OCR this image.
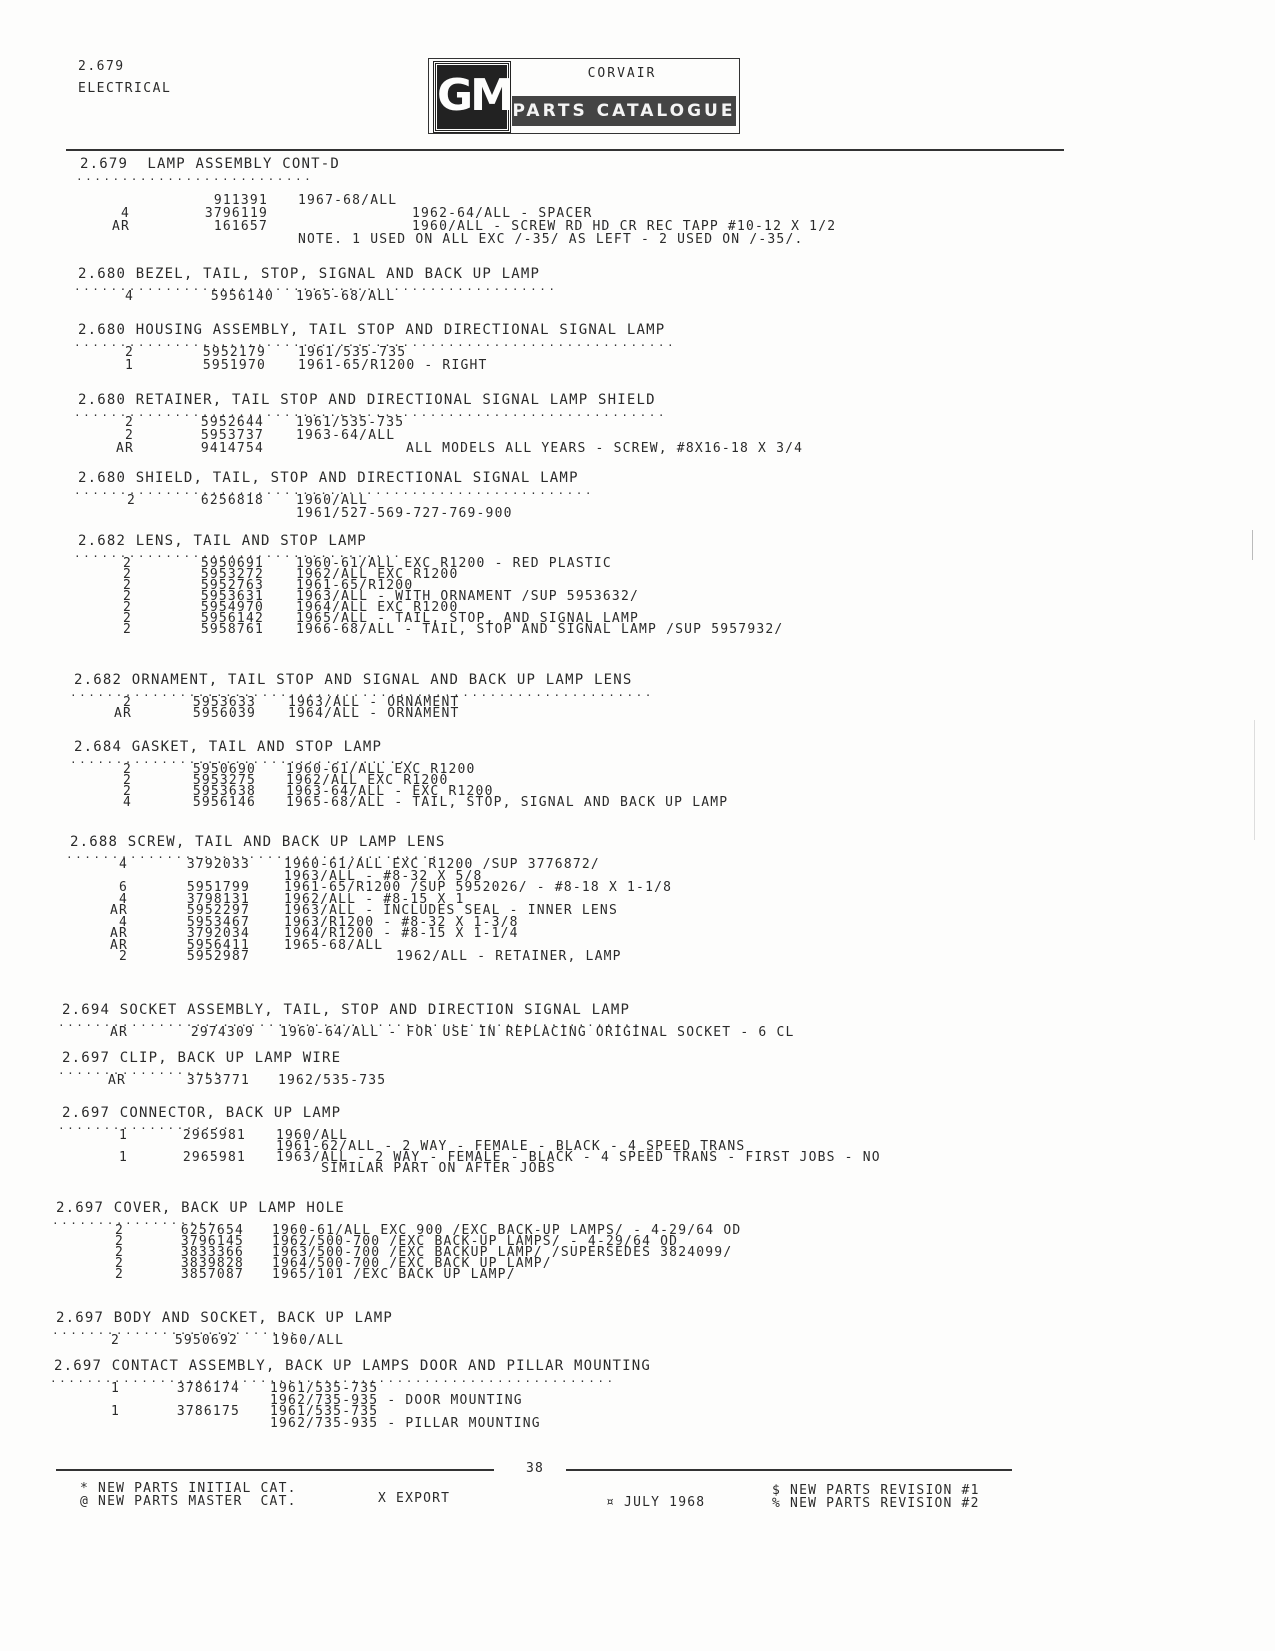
2.679
ELECTRICAL	GM	CORVAIR
PARTS CATALOGUE
2.679  LAMP ASSEMBLY CONT-D
..........................
911391 1967-68/ALL
4	3796119	1962-64/ALL - SPACER
AR	161657	1960/ALL - SCREW RD HD CR REC TAPP #10-12 X 1/2
NOTE. 1 USED ON ALL EXC /-35/ AS LEFT - 2 USED ON /-35/.
2.680 BEZEL, TAIL, STOP, SIGNAL AND BACK UP LAMP
.....................................................
4	5956140 1965-68/ALL
2.680 HOUSING ASSEMBLY, TAIL STOP AND DIRECTIONAL SIGNAL LAMP
..................................................................
2	5952179 1961/535-735
1	5951970 1961-65/R1200 - RIGHT
2.680 RETAINER, TAIL STOP AND DIRECTIONAL SIGNAL LAMP SHIELD
.................................................................
2	5952644 1961/535-735
2	5953737 1963-64/ALL
AR	9414754	ALL MODELS ALL YEARS - SCREW, #8X16-18 X 3/4
2.680 SHIELD, TAIL, STOP AND DIRECTIONAL SIGNAL LAMP
.........................................................
2	6256818 1960/ALL
1961/527-569-727-769-900
2.682 LENS, TAIL AND STOP LAMP
....................................
2	5950691 1960-61/ALL EXC R1200 - RED PLASTIC
2	5953272 1962/ALL EXC R1200
2	5952763 1961-65/R1200
2	5953631 1963/ALL - WITH ORNAMENT /SUP 5953632/
2	5954970 1964/ALL EXC R1200
2	5956142 1965/ALL - TAIL, STOP, AND SIGNAL LAMP
2	5958761 1966-68/ALL - TAIL, STOP AND SIGNAL LAMP /SUP 5957932/
2.682 ORNAMENT, TAIL STOP AND SIGNAL AND BACK UP LAMP LENS
................................................................
2	5953633 1963/ALL - ORNAMENT
AR	5956039 1964/ALL - ORNAMENT
2.684 GASKET, TAIL AND STOP LAMP
......................................
2	5950690 1960-61/ALL EXC R1200
2	5953275 1962/ALL EXC R1200
2	5953638 1963-64/ALL - EXC R1200
4	5956146 1965-68/ALL - TAIL, STOP, SIGNAL AND BACK UP LAMP
2.688 SCREW, TAIL AND BACK UP LAMP LENS
.........................................
4	3792033	1960-61/ALL EXC R1200 /SUP 3776872/
1963/ALL - #8-32 X 5/8
6	5951799	1961-65/R1200 /SUP 5952026/ - #8-18 X 1-1/8
4	3798131	1962/ALL - #8-15 X 1
AR	5952297	1963/ALL - INCLUDES SEAL - INNER LENS
4	5953467	1963/R1200 - #8-32 X 1-3/8
AR	3792034	1964/R1200 - #8-15 X 1-1/4
AR	5956411	1965-68/ALL
2	5952987	1962/ALL - RETAINER, LAMP
2.694 SOCKET ASSEMBLY, TAIL, STOP AND DIRECTION SIGNAL LAMP
................................................................
AR	2974309 1960-64/ALL - FOR USE IN REPLACING ORIGINAL SOCKET - 6 CL
2.697 CLIP, BACK UP LAMP WIRE
..................
AR	3753771 1962/535-735
2.697 CONNECTOR, BACK UP LAMP
...................
1	2965981 1960/ALL
1961-62/ALL - 2 WAY - FEMALE - BLACK - 4 SPEED TRANS
1	2965981 1963/ALL - 2 WAY - FEMALE - BLACK - 4 SPEED TRANS - FIRST JOBS - NO
SIMILAR PART ON AFTER JOBS
2.697 COVER, BACK UP LAMP HOLE
..................
2	6257654 1960-61/ALL EXC 900 /EXC BACK-UP LAMPS/ - 4-29/64 OD
2	3796145 1962/500-700 /EXC BACK-UP LAMPS/ - 4-29/64 OD
2	3833366 1963/500-700 /EXC BACKUP LAMP/ /SUPERSEDES 3824099/
2	3839828 1964/500-700 /EXC BACK UP LAMP/
2	3857087 1965/101 /EXC BACK UP LAMP/
2.697 BODY AND SOCKET, BACK UP LAMP
...........................
2	5950692	1960/ALL
2.697 CONTACT ASSEMBLY, BACK UP LAMPS DOOR AND PILLAR MOUNTING
..............................................................
1	3786174 1961/535-735
1962/735-935 - DOOR MOUNTING
1	3786175 1961/535-735
1962/735-935 - PILLAR MOUNTING
38
* NEW PARTS INITIAL CAT.
@ NEW PARTS MASTER  CAT.	X EXPORT	¤ JULY 1968
$ NEW PARTS REVISION #1
% NEW PARTS REVISION #2
